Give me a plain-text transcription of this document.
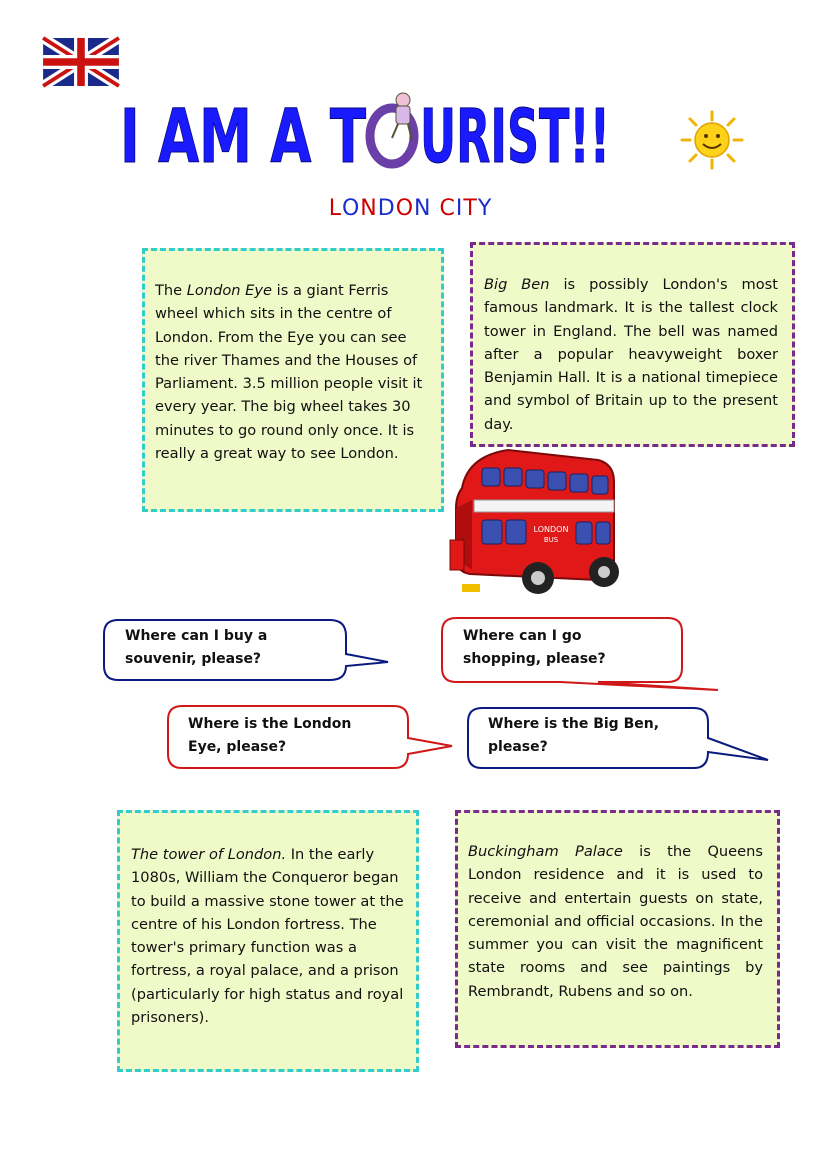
I AM A T URIST!!
LONDON CITY
The London Eye is a giant Ferris wheel which sits in the centre of London. From the Eye you can see the river Thames and the Houses of Parliament. 3.5 million people visit it every year. The big wheel takes 30 minutes to go round only once. It is really a great way to see London.
Big Ben is possibly London's most famous landmark. It is the tallest clock tower in England. The bell was named after a popular heavyweight boxer Benjamin Hall. It is a national timepiece and symbol of Britain up to the present day.
LONDON
BUS
Where can I buy a
souvenir, please?
Where can I go
shopping, please?
Where is the London
Eye, please?
Where is the Big Ben,
please?
The tower of London. In the early 1080s, William the Conqueror began to build a massive stone tower at the centre of his London fortress. The tower's primary function was a fortress, a royal palace, and a prison (particularly for high status and royal prisoners).
Buckingham Palace is the Queens London residence and it is used to receive and entertain guests on state, ceremonial and official occasions. In the summer you can visit the magnificent state rooms and see paintings by Rembrandt, Rubens and so on.
